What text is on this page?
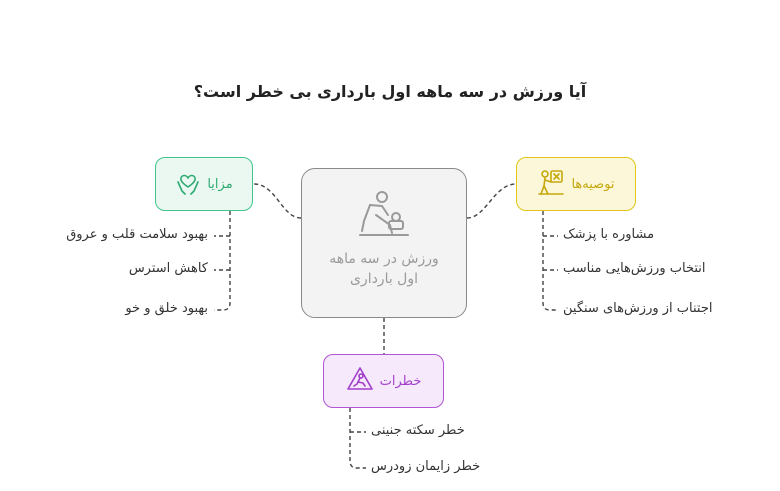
آیا ورزش در سه ماهه اول بارداری بی خطر است؟
ورزش در سه ماهه اول بارداری
مزایا	توصیه‌ها
خطرات
بهبود سلامت قلب و عروق
کاهش استرس
بهبود خلق و خو
مشاوره با پزشک
انتخاب ورزش‌هایی مناسب
اجتناب از ورزش‌های سنگین
خطر سکته جنینی
خطر زایمان زودرس
